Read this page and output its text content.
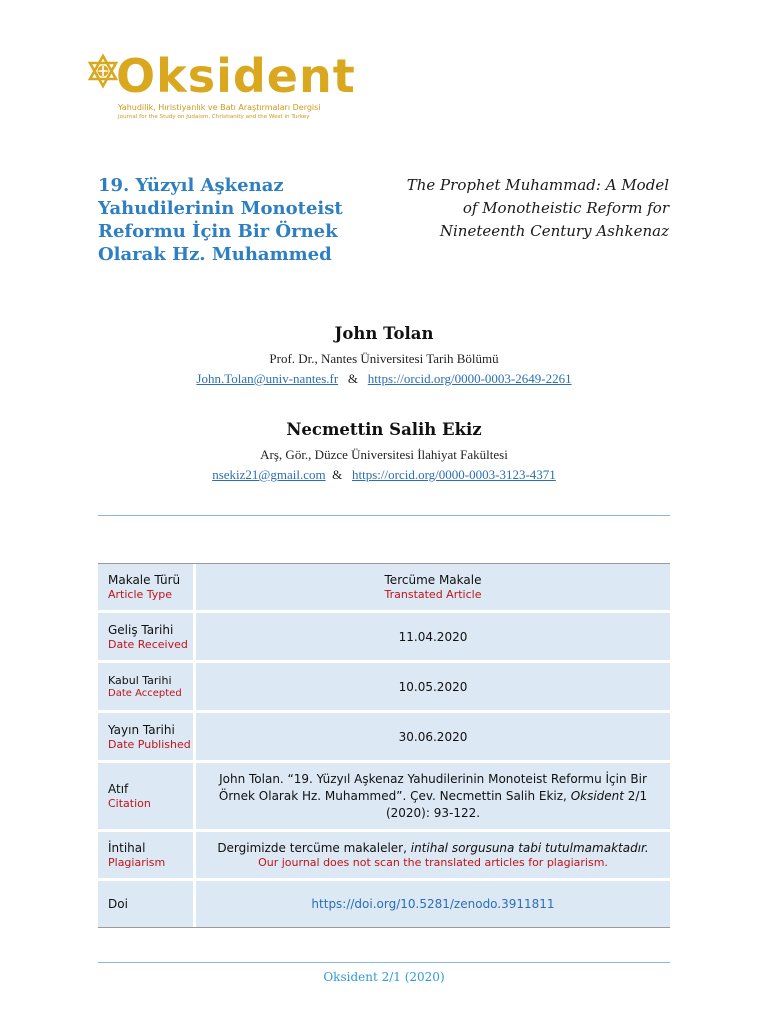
Oksident
Yahudilik, Hıristiyanlık ve Batı Araştırmaları Dergisi
Journal for the Study on Judaism, Christianity and the West in Turkey
19. Yüzyıl Aşkenaz Yahudilerinin Monoteist Reformu İçin Bir Örnek Olarak Hz. Muhammed
The Prophet Muhammad: A Model
of Monotheistic Reform for
Nineteenth Century Ashkenaz
John Tolan
Prof. Dr., Nantes Üniversitesi Tarih Bölümü
John.Tolan@univ-nantes.fr & https://orcid.org/0000-0003-2649-2261
Necmettin Salih Ekiz
Arş, Gör., Düzce Üniversitesi İlahiyat Fakültesi
nsekiz21@gmail.com & https://orcid.org/0000-0003-3123-4371
Makale Türü
Article Type
Tercüme Makale
Transtated Article
Geliş Tarihi
Date Received
11.04.2020
Kabul Tarihi
Date Accepted	10.05.2020
Yayın Tarihi
Date Published
30.06.2020
Atıf
Citation
John Tolan. “19. Yüzyıl Aşkenaz Yahudilerinin Monoteist Reformu İçin Bir Örnek Olarak Hz. Muhammed”. Çev. Necmettin Salih Ekiz, Oksident 2/1 (2020): 93-122.
İntihal
Plagiarism
Dergimizde tercüme makaleler, intihal sorgusuna tabi tutulmamaktadır.
Our journal does not scan the translated articles for plagiarism.
Doi	https://doi.org/10.5281/zenodo.3911811
Oksident 2/1 (2020)
